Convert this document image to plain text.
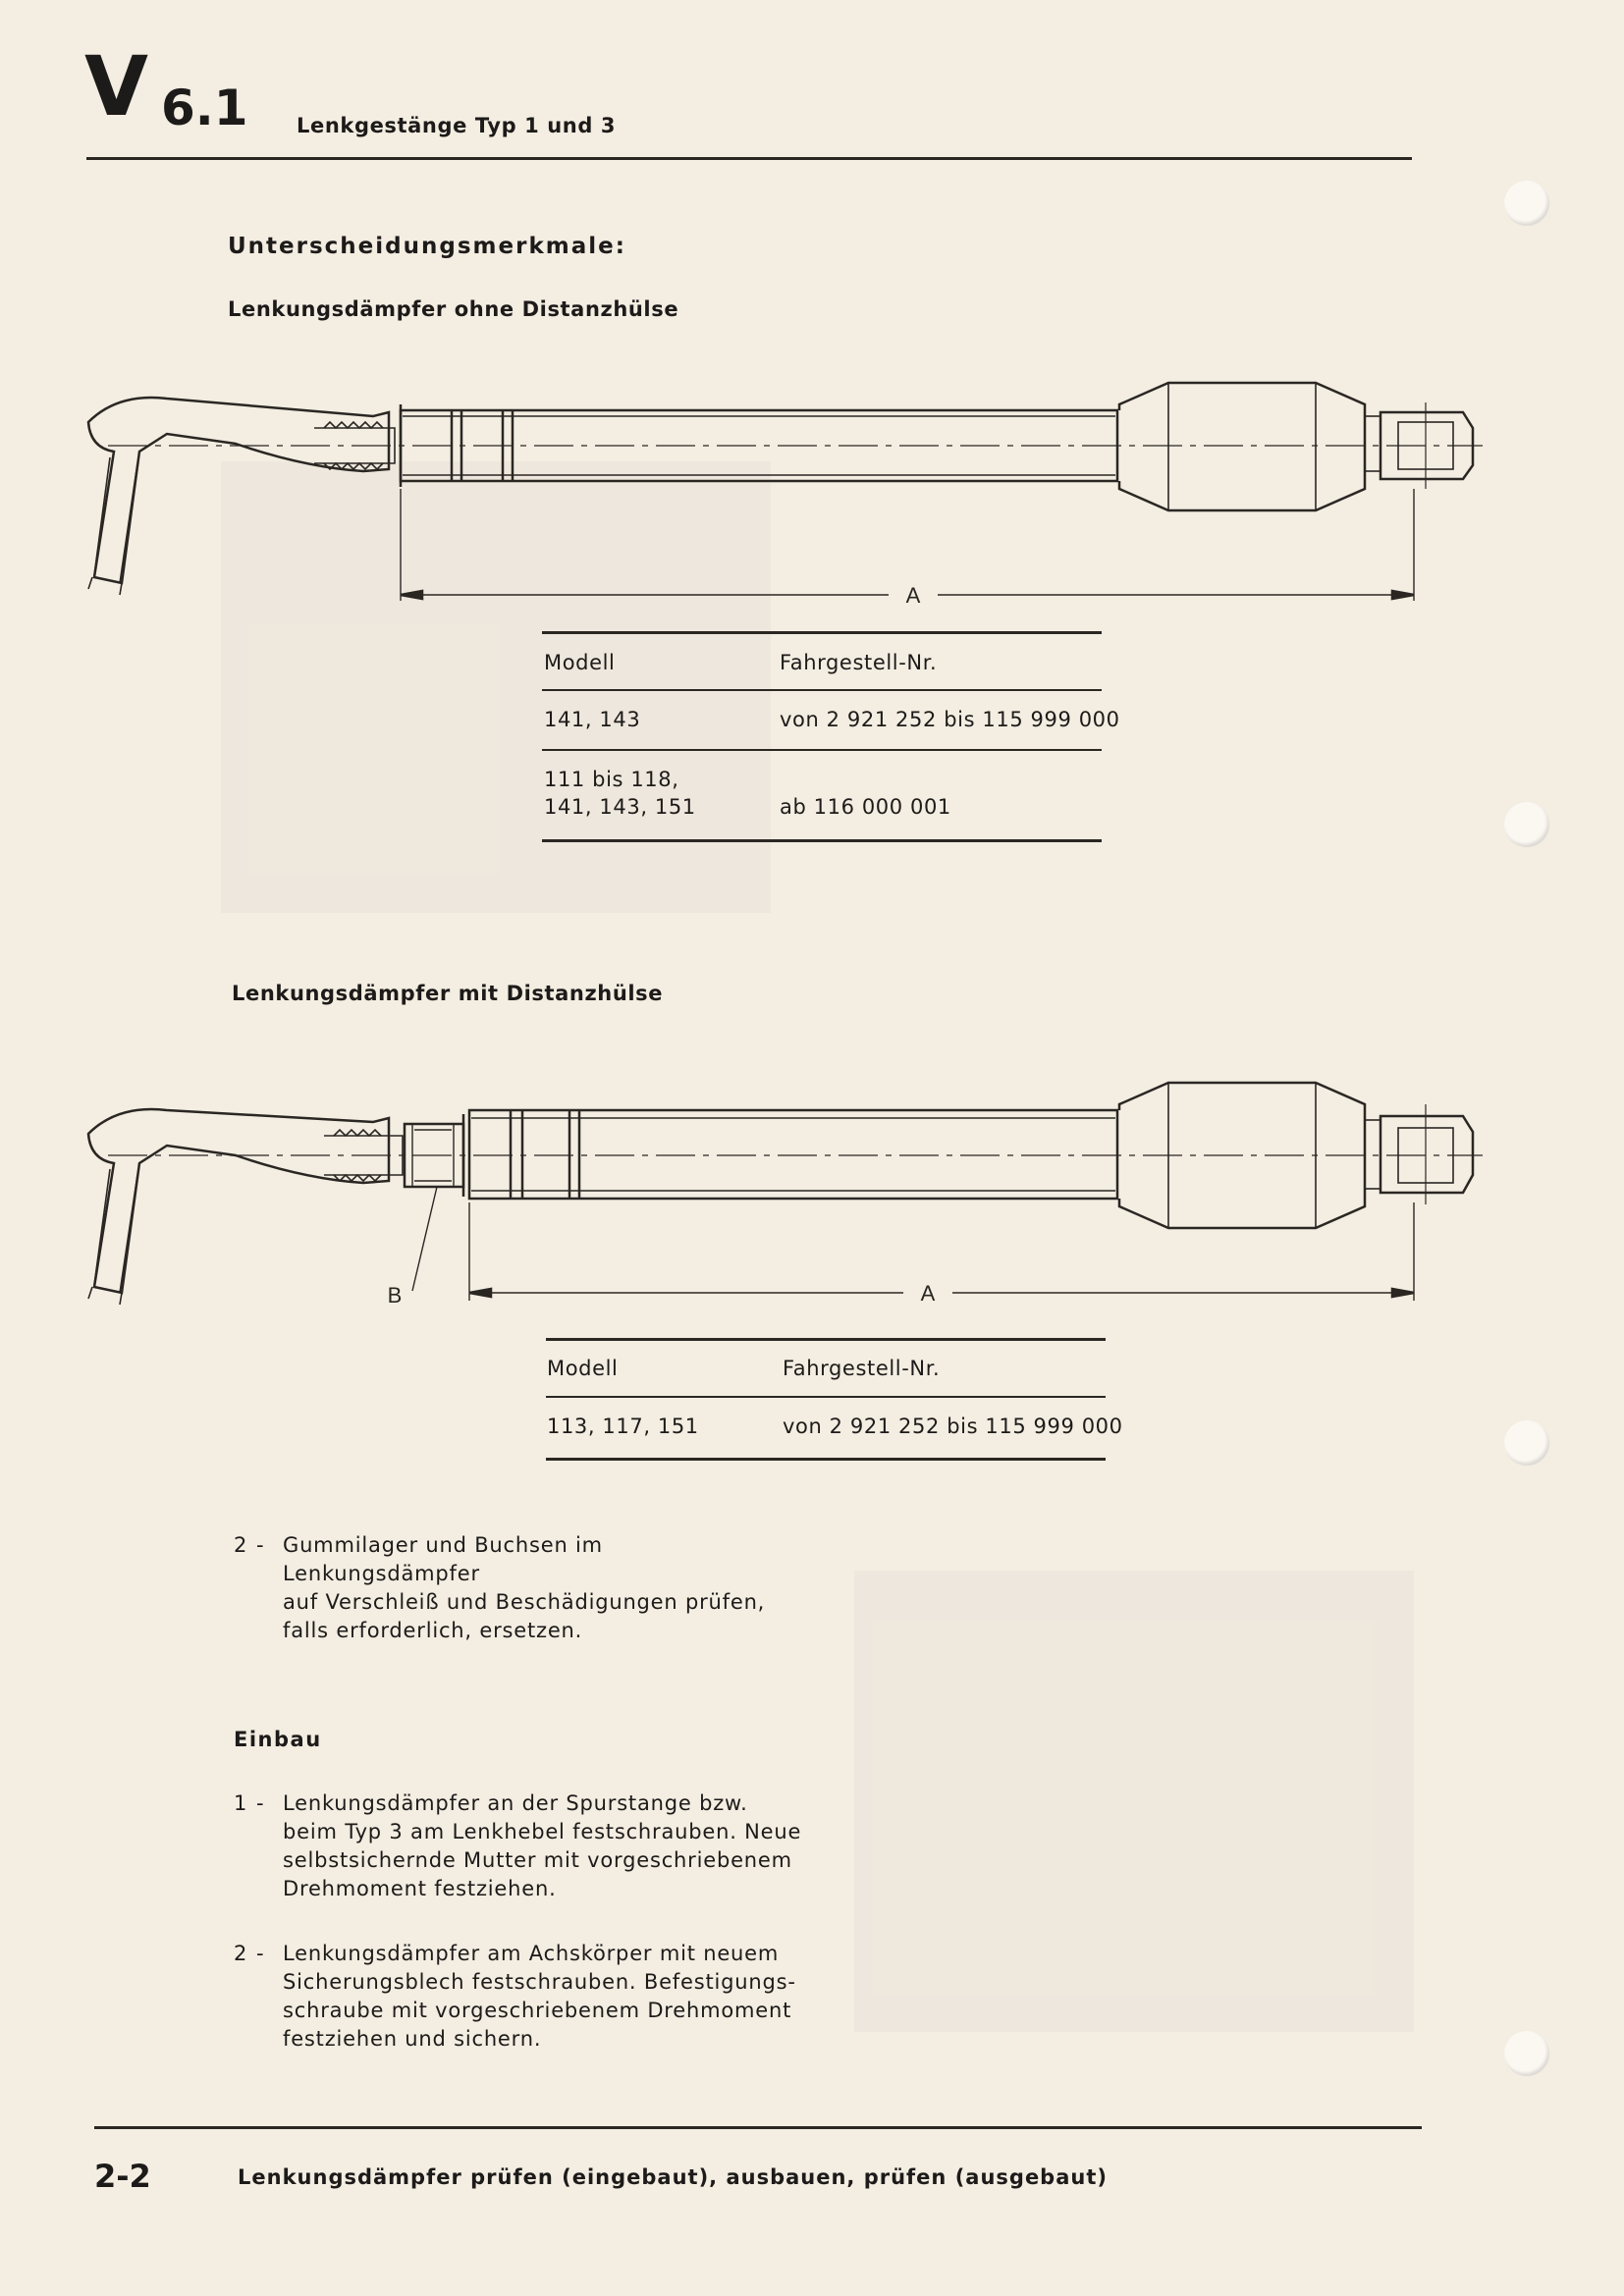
V 6.1 Lenkgestänge Typ 1 und 3
Unterscheidungsmerkmale:
Lenkungsdämpfer ohne Distanzhülse
A
Modell	Fahrgestell-Nr.
141, 143	von 2 921 252 bis 115 999 000
111 bis 118,
141, 143, 151	ab 116 000 001
Lenkungsdämpfer mit Distanzhülse
B	A
Modell	Fahrgestell-Nr.
113, 117, 151	von 2 921 252 bis 115 999 000
2 - Gummilager und Buchsen im Lenkungsdämpfer
auf Verschleiß und Beschädigungen prüfen,
falls erforderlich, ersetzen.
Einbau
1 - Lenkungsdämpfer an der Spurstange bzw.
beim Typ 3 am Lenkhebel festschrauben. Neue
selbstsichernde Mutter mit vorgeschriebenem
Drehmoment festziehen.
2 - Lenkungsdämpfer am Achskörper mit neuem
Sicherungsblech festschrauben. Befestigungs-
schraube mit vorgeschriebenem Drehmoment
festziehen und sichern.
2-2	Lenkungsdämpfer prüfen (eingebaut), ausbauen, prüfen (ausgebaut)
